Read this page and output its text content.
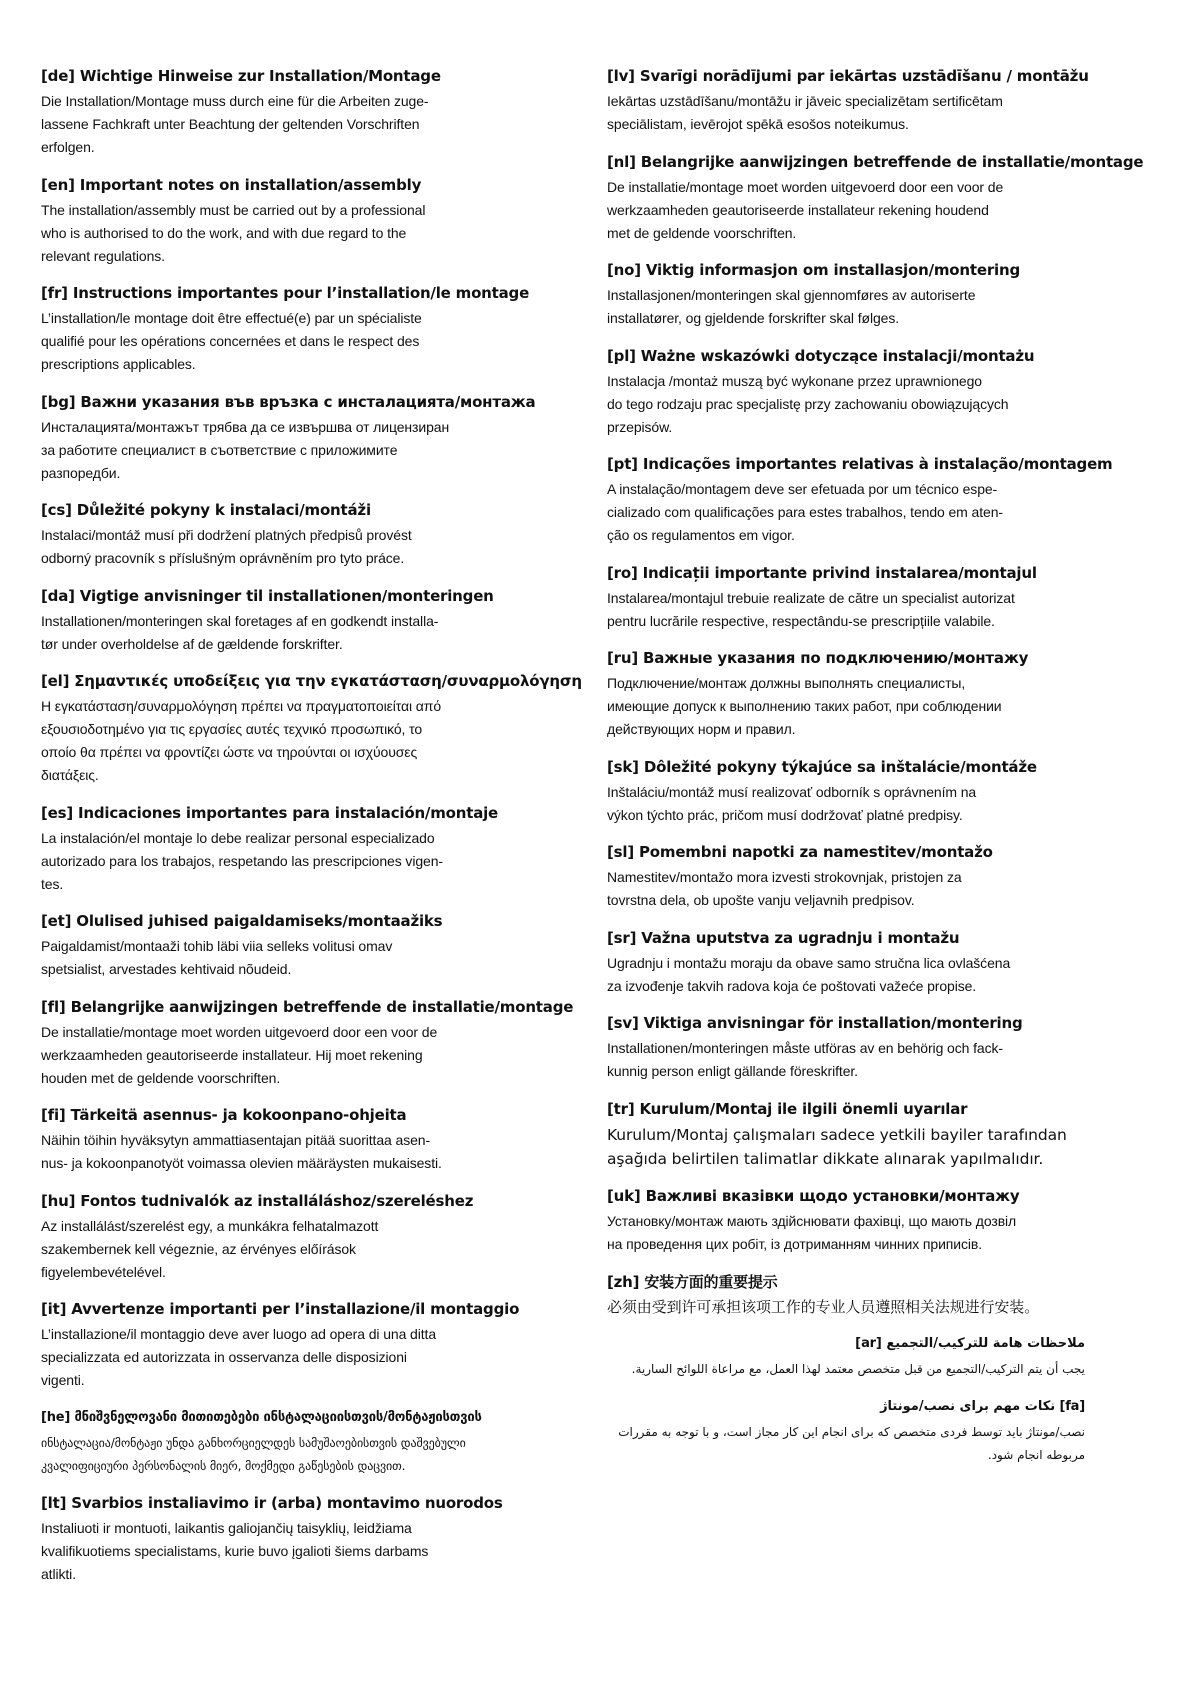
[de] Wichtige Hinweise zur Installation/Montage
Die Installation/Montage muss durch eine für die Arbeiten zuge-
lassene Fachkraft unter Beachtung der geltenden Vorschriften
erfolgen.
[en] Important notes on installation/assembly
The installation/assembly must be carried out by a professional
who is authorised to do the work, and with due regard to the
relevant regulations.
[fr] Instructions importantes pour l’installation/le montage
L’installation/le montage doit être effectué(e) par un spécialiste
qualifié pour les opérations concernées et dans le respect des
prescriptions applicables.
[bg] Важни указания във връзка с инсталацията/монтажа
Инсталацията/монтажът трябва да се извършва от лицензиран
за работите специалист в съответствие с приложимите
разпоредби.
[cs] Důležité pokyny k instalaci/montáži
Instalaci/montáž musí při dodržení platných předpisů provést
odborný pracovník s příslušným oprávněním pro tyto práce.
[da] Vigtige anvisninger til installationen/monteringen
Installationen/monteringen skal foretages af en godkendt installa-
tør under overholdelse af de gældende forskrifter.
[el] Σημαντικές υποδείξεις για την εγκατάσταση/συναρμολόγηση
Η εγκατάσταση/συναρμολόγηση πρέπει να πραγματοποιείται από
εξουσιοδοτημένο για τις εργασίες αυτές τεχνικό προσωπικό, το
οποίο θα πρέπει να φροντίζει ώστε να τηρούνται οι ισχύουσες
διατάξεις.
[es] Indicaciones importantes para instalación/montaje
La instalación/el montaje lo debe realizar personal especializado
autorizado para los trabajos, respetando las prescripciones vigen-
tes.
[et] Olulised juhised paigaldamiseks/montaažiks
Paigaldamist/montaaži tohib läbi viia selleks volitusi omav
spetsialist, arvestades kehtivaid nõudeid.
[fl] Belangrijke aanwijzingen betreffende de installatie/montage
De installatie/montage moet worden uitgevoerd door een voor de
werkzaamheden geautoriseerde installateur. Hij moet rekening
houden met de geldende voorschriften.
[fi] Tärkeitä asennus- ja kokoonpano-ohjeita
Näihin töihin hyväksytyn ammattiasentajan pitää suorittaa asen-
nus- ja kokoonpanotyöt voimassa olevien määräysten mukaisesti.
[hu] Fontos tudnivalók az installáláshoz/szereléshez
Az installálást/szerelést egy, a munkákra felhatalmazott
szakembernek kell végeznie, az érvényes előírások
figyelembevételével.
[it] Avvertenze importanti per l’installazione/il montaggio
L’installazione/il montaggio deve aver luogo ad opera di una ditta
specializzata ed autorizzata in osservanza delle disposizioni
vigenti.
[he] მნიშვნელოვანი მითითებები ინსტალაციისთვის/მონტაჟისთვის
ინსტალაცია/მონტაჟი უნდა განხორციელდეს სამუშაოებისთვის დაშვებული
კვალიფიციური პერსონალის მიერ, მოქმედი გაწესების დაცვით.
[lt] Svarbios instaliavimo ir (arba) montavimo nuorodos
Instaliuoti ir montuoti, laikantis galiojančių taisyklių, leidžiama
kvalifikuotiems specialistams, kurie buvo įgalioti šiems darbams
atlikti.
[lv] Svarīgi norādījumi par iekārtas uzstādīšanu / montāžu
Iekārtas uzstādīšanu/montāžu ir jāveic specializētam sertificētam
speciālistam, ievērojot spēkā esošos noteikumus.
[nl] Belangrijke aanwijzingen betreffende de installatie/montage
De installatie/montage moet worden uitgevoerd door een voor de
werkzaamheden geautoriseerde installateur rekening houdend
met de geldende voorschriften.
[no] Viktig informasjon om installasjon/montering
Installasjonen/monteringen skal gjennomføres av autoriserte
installatører, og gjeldende forskrifter skal følges.
[pl] Ważne wskazówki dotyczące instalacji/montażu
Instalacja /montaż muszą być wykonane przez uprawnionego
do tego rodzaju prac specjalistę przy zachowaniu obowiązujących
przepisów.
[pt] Indicações importantes relativas à instalação/montagem
A instalação/montagem deve ser efetuada por um técnico espe-
cializado com qualificações para estes trabalhos, tendo em aten-
ção os regulamentos em vigor.
[ro] Indicații importante privind instalarea/montajul
Instalarea/montajul trebuie realizate de către un specialist autorizat
pentru lucrările respective, respectându-se prescripțiile valabile.
[ru] Важные указания по подключению/монтажу
Подключение/монтаж должны выполнять специалисты,
имеющие допуск к выполнению таких работ, при соблюдении
действующих норм и правил.
[sk] Dôležité pokyny týkajúce sa inštalácie/montáže
Inštaláciu/montáž musí realizovať odborník s oprávnením na
výkon týchto prác, pričom musí dodržovať platné predpisy.
[sl] Pomembni napotki za namestitev/montažo
Namestitev/montažo mora izvesti strokovnjak, pristojen za
tovrstna dela, ob upošte vanju veljavnih predpisov.
[sr] Važna uputstva za ugradnju i montažu
Ugradnju i montažu moraju da obave samo stručna lica ovlašćena
za izvođenje takvih radova koja će poštovati važeće propise.
[sv] Viktiga anvisningar för installation/montering
Installationen/monteringen måste utföras av en behörig och fack-
kunnig person enligt gällande föreskrifter.
[tr] Kurulum/Montaj ile ilgili önemli uyarılar
Kurulum/Montaj çalışmaları sadece yetkili bayiler tarafından
aşağıda belirtilen talimatlar dikkate alınarak yapılmalıdır.
[uk] Важливі вказівки щодо установки/монтажу
Установку/монтаж мають здійснювати фахівці, що мають дозвіл
на проведення цих робіт, із дотриманням чинних приписів.
[zh] 安装方面的重要提示
必须由受到许可承担该项工作的专业人员遵照相关法规进行安装。
ملاحظات هامة للتركيب/التجميع [ar]
يجب أن يتم التركيب/التجميع من قبل متخصص معتمد لهذا العمل، مع مراعاة اللوائح السارية.
[fa] نکات مهم برای نصب/مونتاژ
نصب/مونتاژ باید توسط فردی متخصص که برای انجام این کار مجاز است، و با توجه به مقررات مربوطه انجام شود.
